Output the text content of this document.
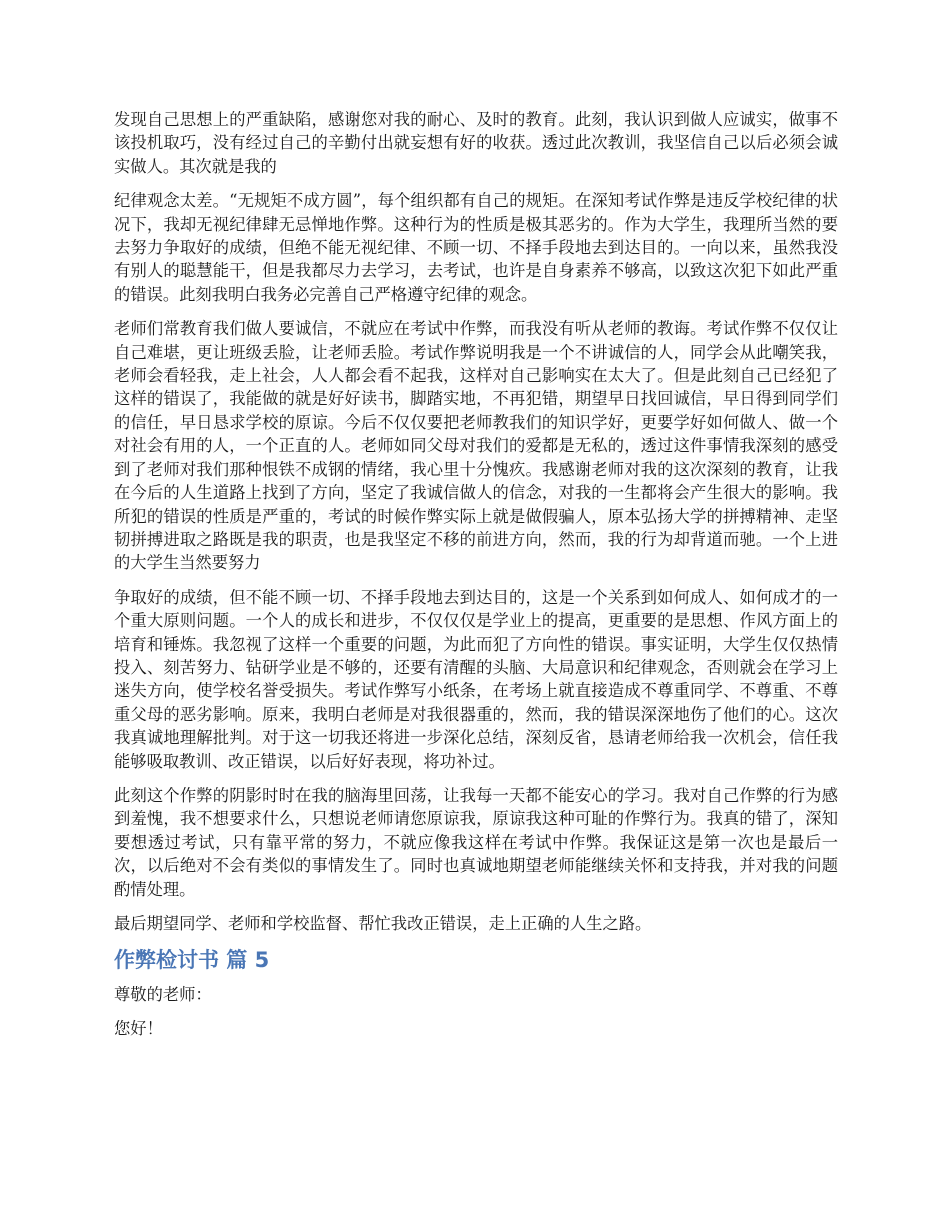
发现自己思想上的严重缺陷，感谢您对我的耐心、及时的教育。此刻，我认识到做人应诚实，做事不该投机取巧，没有经过自己的辛勤付出就妄想有好的收获。透过此次教训，我坚信自己以后必须会诚实做人。其次就是我的

纪律观念太差。“无规矩不成方圆”，每个组织都有自己的规矩。在深知考试作弊是违反学校纪律的状况下，我却无视纪律肆无忌惮地作弊。这种行为的性质是极其恶劣的。作为大学生，我理所当然的要去努力争取好的成绩，但绝不能无视纪律、不顾一切、不择手段地去到达目的。一向以来，虽然我没有别人的聪慧能干，但是我都尽力去学习，去考试，也许是自身素养不够高，以致这次犯下如此严重的错误。此刻我明白我务必完善自己严格遵守纪律的观念。

老师们常教育我们做人要诚信，不就应在考试中作弊，而我没有听从老师的教诲。考试作弊不仅仅让自己难堪，更让班级丢脸，让老师丢脸。考试作弊说明我是一个不讲诚信的人，同学会从此嘲笑我，老师会看轻我，走上社会，人人都会看不起我，这样对自己影响实在太大了。但是此刻自己已经犯了这样的错误了，我能做的就是好好读书，脚踏实地，不再犯错，期望早日找回诚信，早日得到同学们的信任，早日恳求学校的原谅。今后不仅仅要把老师教我们的知识学好，更要学好如何做人、做一个对社会有用的人，一个正直的人。老师如同父母对我们的爱都是无私的，透过这件事情我深刻的感受到了老师对我们那种恨铁不成钢的情绪，我心里十分愧疚。我感谢老师对我的这次深刻的教育，让我在今后的人生道路上找到了方向，坚定了我诚信做人的信念，对我的一生都将会产生很大的影响。我所犯的错误的性质是严重的，考试的时候作弊实际上就是做假骗人，原本弘扬大学的拼搏精神、走坚韧拼搏进取之路既是我的职责，也是我坚定不移的前进方向，然而，我的行为却背道而驰。一个上进的大学生当然要努力

争取好的成绩，但不能不顾一切、不择手段地去到达目的，这是一个关系到如何成人、如何成才的一个重大原则问题。一个人的成长和进步，不仅仅仅是学业上的提高，更重要的是思想、作风方面上的培育和锤炼。我忽视了这样一个重要的问题，为此而犯了方向性的错误。事实证明，大学生仅仅热情投入、刻苦努力、钻研学业是不够的，还要有清醒的头脑、大局意识和纪律观念，否则就会在学习上迷失方向，使学校名誉受损失。考试作弊写小纸条，在考场上就直接造成不尊重同学、不尊重、不尊重父母的恶劣影响。原来，我明白老师是对我很器重的，然而，我的错误深深地伤了他们的心。这次我真诚地理解批判。对于这一切我还将进一步深化总结，深刻反省，恳请老师给我一次机会，信任我能够吸取教训、改正错误，以后好好表现，将功补过。

此刻这个作弊的阴影时时在我的脑海里回荡，让我每一天都不能安心的学习。我对自己作弊的行为感到羞愧，我不想要求什么，只想说老师请您原谅我，原谅我这种可耻的作弊行为。我真的错了，深知要想透过考试，只有靠平常的努力，不就应像我这样在考试中作弊。我保证这是第一次也是最后一次，以后绝对不会有类似的事情发生了。同时也真诚地期望老师能继续关怀和支持我，并对我的问题酌情处理。

最后期望同学、老师和学校监督、帮忙我改正错误，走上正确的人生之路。

作弊检讨书 篇 5

尊敬的老师：

您好！
